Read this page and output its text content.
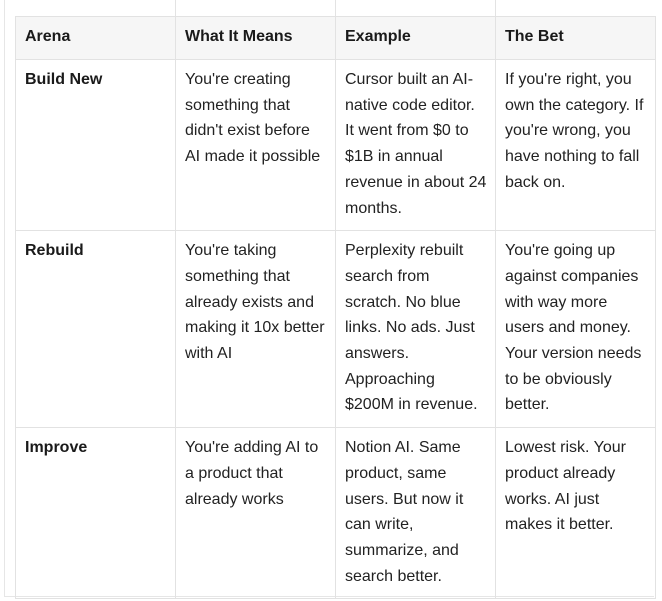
Arena	What It Means	Example	The Bet
Build New	You're creating something that didn't exist before AI made it possible	Cursor built an AI-native code editor. It went from $0 to $1B in annual revenue in about 24 months.	If you're right, you own the category. If you're wrong, you have nothing to fall back on.
Rebuild	You're taking something that already exists and making it 10x better with AI	Perplexity rebuilt search from scratch. No blue links. No ads. Just answers. Approaching $200M in revenue.	You're going up against companies with way more users and money. Your version needs to be obviously better.
Improve	You're adding AI to a product that already works	Notion AI. Same product, same users. But now it can write, summarize, and search better.	Lowest risk. Your product already works. AI just makes it better.
